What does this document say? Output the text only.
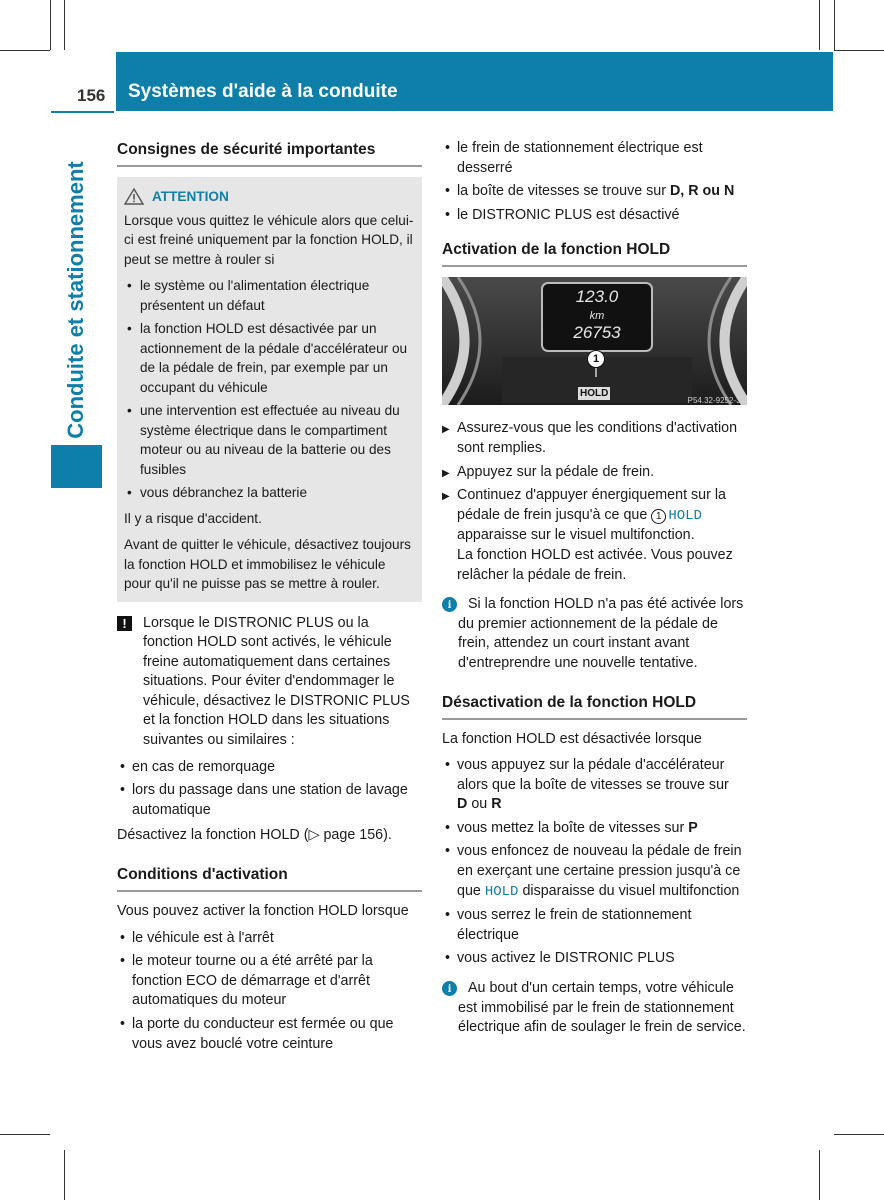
156 Systèmes d'aide à la conduite
Conduite et stationnement
Consignes de sécurité importantes
ATTENTION

Lorsque vous quittez le véhicule alors que celui-ci est freiné uniquement par la fonction HOLD, il peut se mettre à rouler si

• le système ou l'alimentation électrique présentent un défaut
• la fonction HOLD est désactivée par un actionnement de la pédale d'accélérateur ou de la pédale de frein, par exemple par un occupant du véhicule
• une intervention est effectuée au niveau du système électrique dans le compartiment moteur ou au niveau de la batterie ou des fusibles
• vous débranchez la batterie

Il y a risque d'accident.

Avant de quitter le véhicule, désactivez toujours la fonction HOLD et immobilisez le véhicule pour qu'il ne puisse pas se mettre à rouler.

!	Lorsque le DISTRONIC PLUS ou la fonction HOLD sont activés, le véhicule freine automatiquement dans certaines situations. Pour éviter d'endommager le véhicule, désactivez le DISTRONIC PLUS et la fonction HOLD dans les situations suivantes ou similaires :
• en cas de remorquage
• lors du passage dans une station de lavage automatique

Désactivez la fonction HOLD (▷ page 156).

Conditions d'activation

Vous pouvez activer la fonction HOLD lorsque

• le véhicule est à l'arrêt
• le moteur tourne ou a été arrêté par la fonction ECO de démarrage et d'arrêt automatiques du moteur
• la porte du conducteur est fermée ou que vous avez bouclé votre ceinture
• le frein de stationnement électrique est desserré
• la boîte de vitesses se trouve sur D, R ou N
• le DISTRONIC PLUS est désactivé
Activation de la fonction HOLD
123.0
km
26753
1
HOLD
P54.32-9252-31
▶ Assurez-vous que les conditions d'activation sont remplies.
▶ Appuyez sur la pédale de frein.
▶ Continuez d'appuyer énergiquement sur la pédale de frein jusqu'à ce que 1 HOLD apparaisse sur le visuel multifonction.
La fonction HOLD est activée. Vous pouvez relâcher la pédale de frein.
i	Si la fonction HOLD n'a pas été activée lors du premier actionnement de la pédale de frein, attendez un court instant avant d'entreprendre une nouvelle tentative.
Désactivation de la fonction HOLD

La fonction HOLD est désactivée lorsque

• vous appuyez sur la pédale d'accélérateur alors que la boîte de vitesses se trouve sur
D ou R
• vous mettez la boîte de vitesses sur P
• vous enfoncez de nouveau la pédale de frein en exerçant une certaine pression jusqu'à ce que HOLD disparaisse du visuel multifonction
• vous serrez le frein de stationnement électrique
• vous activez le DISTRONIC PLUS
i	Au bout d'un certain temps, votre véhicule est immobilisé par le frein de stationnement électrique afin de soulager le frein de service.
